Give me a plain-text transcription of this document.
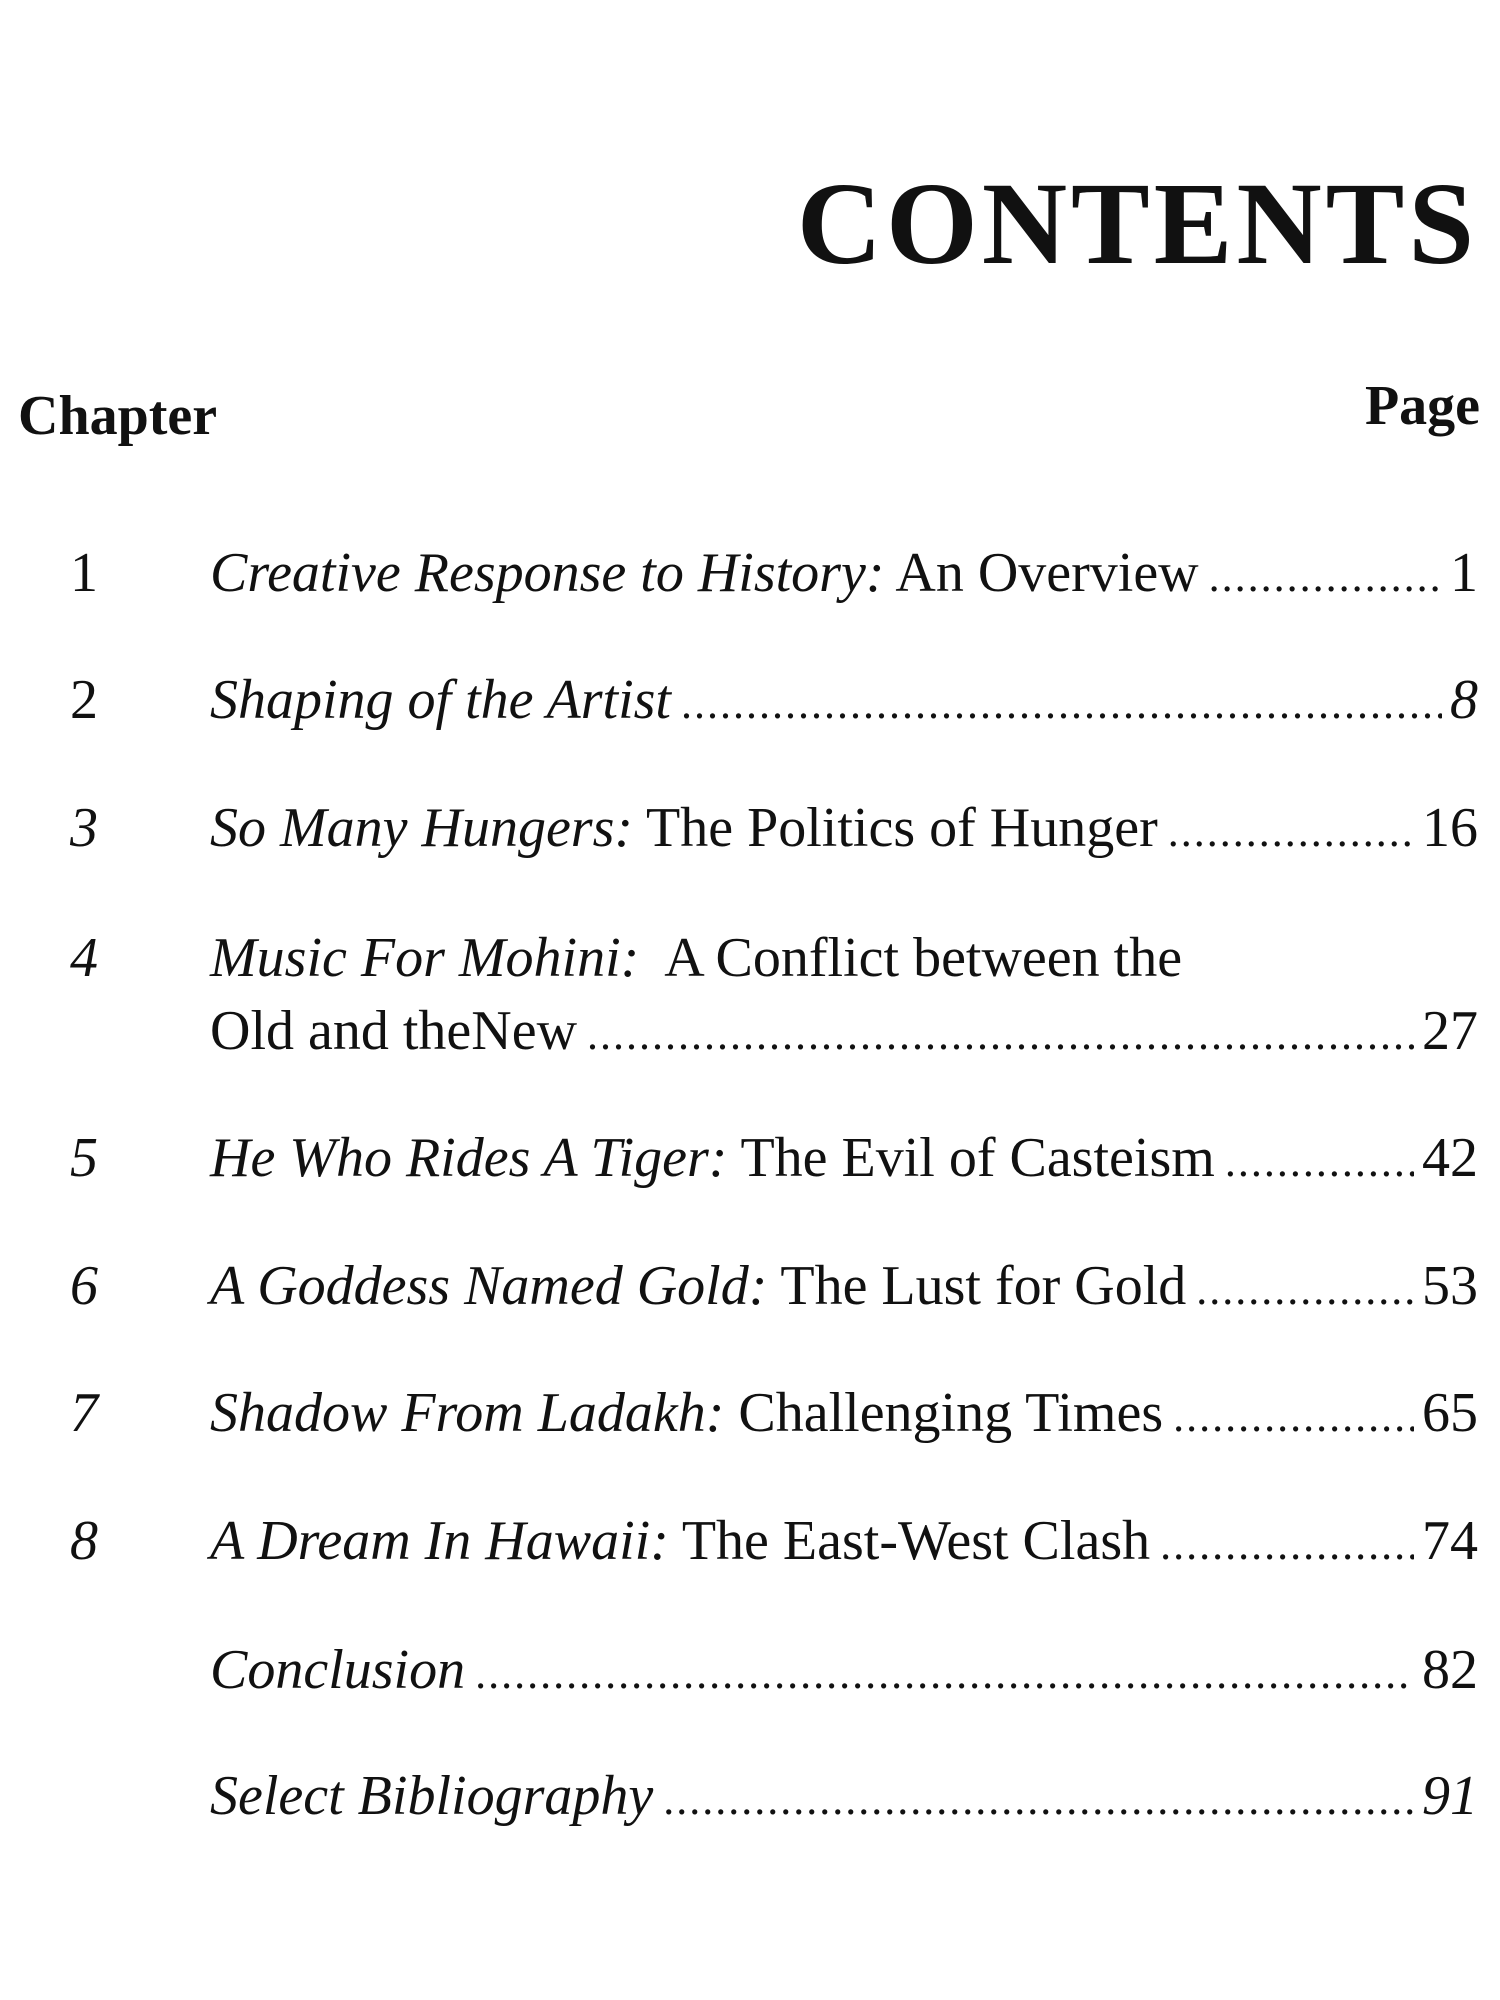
CONTENTS
Chapter	Page
1	Creative Response to History: An Overview .....	1
2	Shaping of the Artist .....	8
3	So Many Hungers: The Politics of Hunger .....	16
4	Music For Mohini:  A Conflict between the
Old and theNew .....	27
5	He Who Rides A Tiger: The Evil of Casteism .....	42
6	A Goddess Named Gold: The Lust for Gold .....	53
7	Shadow From Ladakh: Challenging Times .....	65
8	A Dream In Hawaii: The East-West Clash .....	74
Conclusion .....	82
Select Bibliography .....	91
